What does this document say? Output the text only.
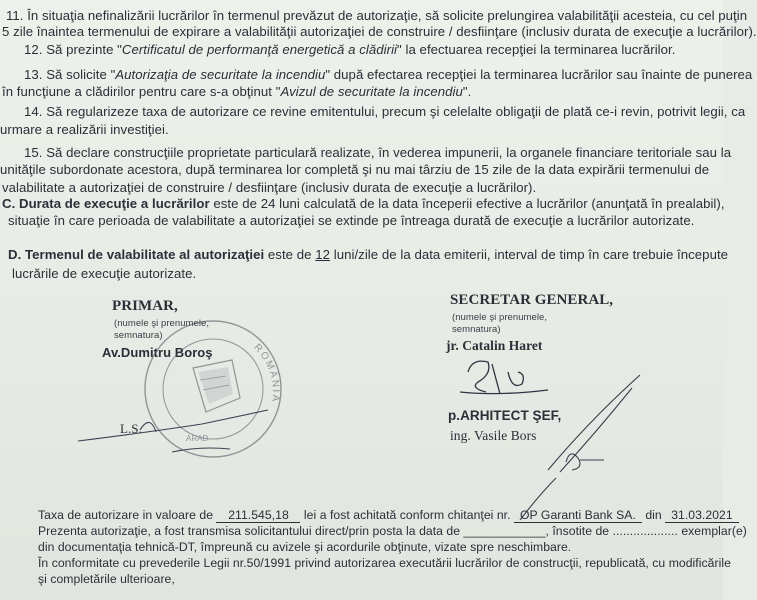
11. În situaţia nefinalizării lucrărilor în termenul prevăzut de autorizaţie, să solicite prelungirea valabilităţii acesteia, cu cel puţin
5 zile înaintea termenului de expirare a valabilităţii autorizaţiei de construire / desfiinţare (inclusiv durata de execuţie a lucrărilor).
12. Să prezinte "Certificatul de performanţă energetică a clădirii" la efectuarea recepţiei la terminarea lucrărilor.
13. Să solicite "Autorizaţia de securitate la incendiu" după efectarea recepţiei la terminarea lucrărilor sau înainte de punerea
în funcţiune a clădirilor pentru care s-a obţinut "Avizul de securitate la incendiu".
14. Să regularizeze taxa de autorizare ce revine emitentului, precum şi celelalte obligaţii de plată ce-i revin, potrivit legii, ca
urmare a realizării investiţiei.
15. Să declare construcţiile proprietate particulară realizate, în vederea impunerii, la organele financiare teritoriale sau la
unităţile subordonate acestora, după terminarea lor completă şi nu mai târziu de 15 zile de la data expirării termenului de
valabilitate a autorizaţiei de construire / desfiinţare (inclusiv durata de execuţie a lucrărilor).
C. Durata de execuţie a lucrărilor este de 24 luni calculată de la data începerii efective a lucrărilor (anunţată în prealabil),
situaţie în care perioada de valabilitate a autorizaţiei se extinde pe întreaga durată de execuţie a lucrărilor autorizate.
D. Termenul de valabilitate al autorizaţiei este de 12 luni/zile de la data emiterii, interval de timp în care trebuie începute
lucrările de execuţie autorizate.
PRIMAR,
(numele şi prenumele,
semnatura)
Av.Dumitru Boroş
L.S.
SECRETAR GENERAL,
(numele şi prenumele,
semnatura)
jr. Catalin Haret
p.ARHITECT ŞEF,
ing. Vasile Bors
ROMÂNIA
ARAD
Taxa de autorizare in valoare de 211.545,18 lei a fost achitată conform chitanţei nr. OP Garanti Bank SA. din 31.03.2021
Prezenta autorizaţie, a fost transmisa solicitantului direct/prin posta la data de ____________, însotite de ................... exemplar(e)
din documentaţia tehnică-DT, împreună cu avizele şi acordurile obţinute, vizate spre neschimbare.
În conformitate cu prevederile Legii nr.50/1991 privind autorizarea executării lucrărilor de construcţii, republicată, cu modificările
şi completările ulterioare,
